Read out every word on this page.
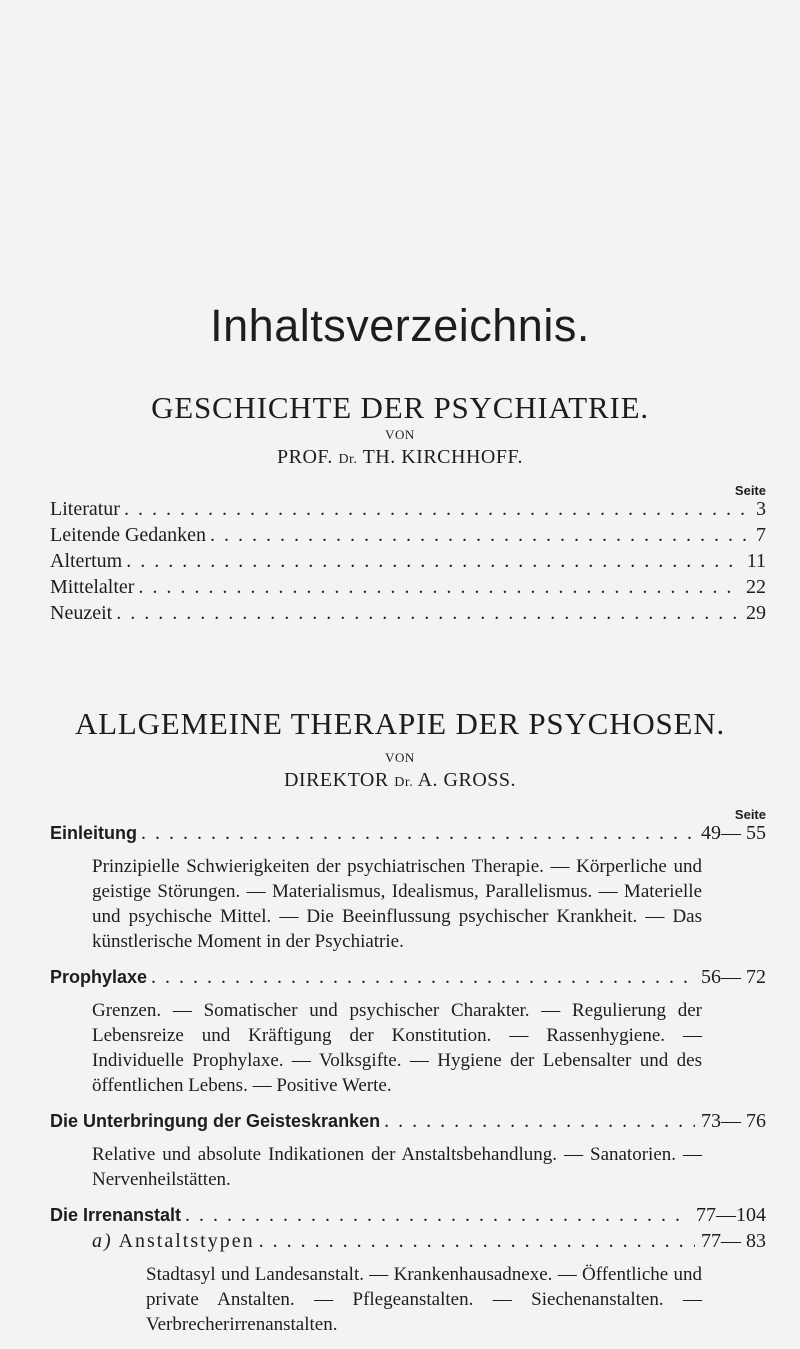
Inhaltsverzeichnis.
GESCHICHTE DER PSYCHIATRIE.
VON
PROF. Dr. TH. KIRCHHOFF.
Seite
Literatur . . .	3
Leitende Gedanken . . .	7
Altertum . . .	11
Mittelalter . . .	22
Neuzeit . . .	29
ALLGEMEINE THERAPIE DER PSYCHOSEN.
VON
DIREKTOR Dr. A. GROSS.
Seite
Einleitung . . .	49— 55

Prinzipielle Schwierigkeiten der psychiatrischen Therapie. — Körperliche und geistige Störungen. — Materialismus, Idealismus, Parallelismus. — Materielle und psychische Mittel. — Die Beeinflussung psychischer Krankheit. — Das künstlerische Moment in der Psychiatrie.

Prophylaxe . . .	56— 72

Grenzen. — Somatischer und psychischer Charakter. — Regulierung der Lebensreize und Kräftigung der Konstitution. — Rassenhygiene. — Individuelle Prophylaxe. — Volksgifte. — Hygiene der Lebensalter und des öffentlichen Lebens. — Positive Werte.

Die Unterbringung der Geisteskranken . . .	73— 76

Relative und absolute Indikationen der Anstaltsbehandlung. — Sanatorien. — Nervenheilstätten.

Die Irrenanstalt . . .	77—104
a) Anstaltstypen . . .	77— 83

Stadtasyl und Landesanstalt. — Krankenhausadnexe. — Öffentliche und private Anstalten. — Pflegeanstalten. — Siechenanstalten. — Verbrecherirrenanstalten.
